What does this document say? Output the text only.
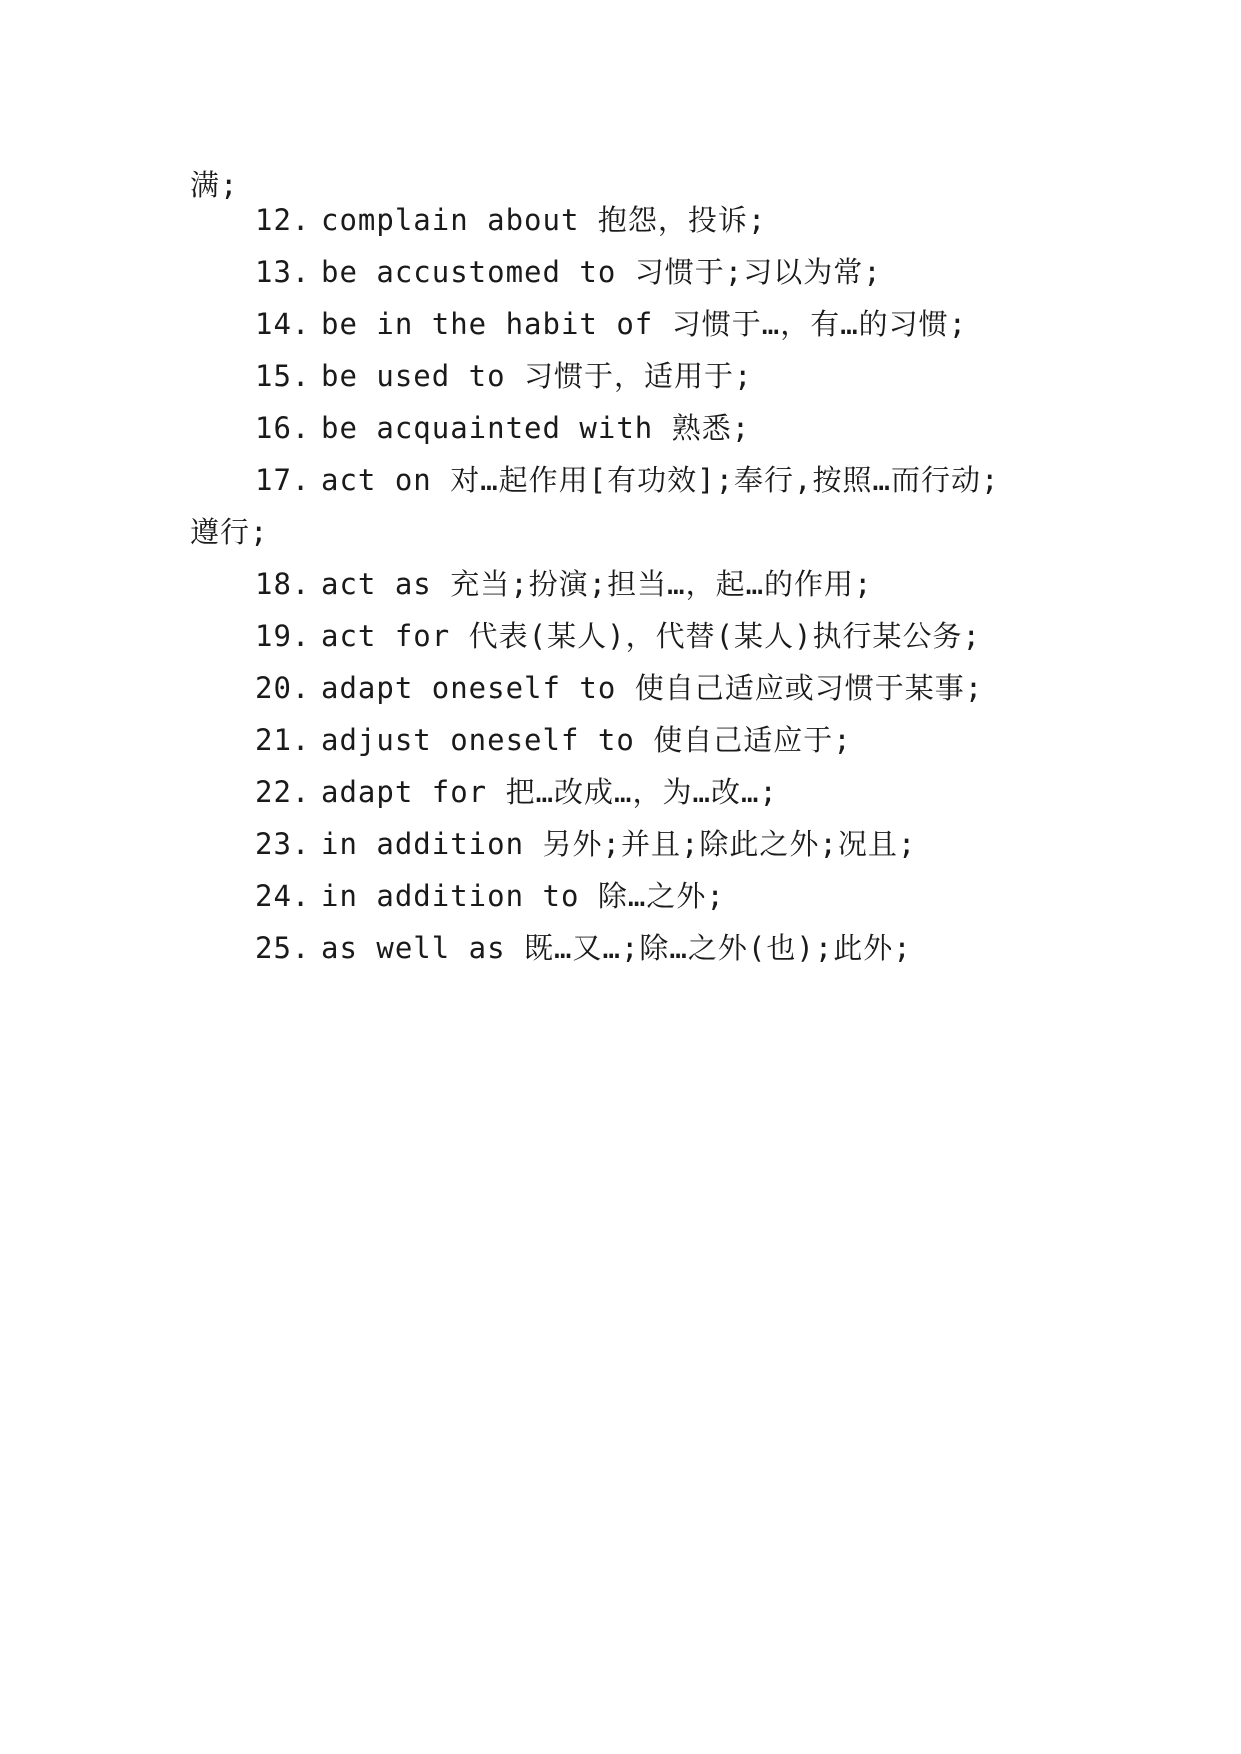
满;
12. complain about 抱怨，投诉;
13. be accustomed to 习惯于;习以为常;
14. be in the habit of 习惯于…，有…的习惯;
15. be used to 习惯于，适用于;
16. be acquainted with 熟悉;
17. act on 对…起作用[有功效];奉行,按照…而行动;
遵行;
18. act as 充当;扮演;担当…，起…的作用;
19. act for 代表(某人)，代替(某人)执行某公务;
20. adapt oneself to 使自己适应或习惯于某事;
21. adjust oneself to 使自己适应于;
22. adapt for 把…改成…，为…改…;
23. in addition 另外;并且;除此之外;况且;
24. in addition to 除…之外;
25. as well as 既…又…;除…之外(也);此外;
